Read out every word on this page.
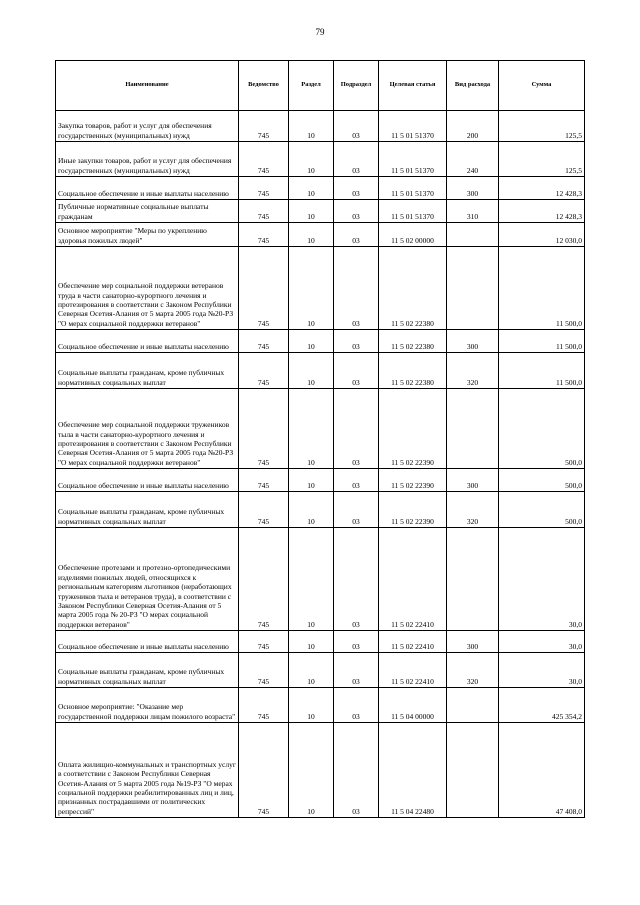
79
Наименование	Ведомство	Раздел	Подраздел	Целевая статья	Вид расхода	Сумма
Закупка товаров, работ и услуг для обеспечения государственных (муниципальных) нужд	745	10	03	11 5 01 51370	200	125,5
Иные закупки товаров, работ и услуг для обеспечения государственных (муниципальных) нужд	745	10	03	11 5 01 51370	240	125,5
Социальное обеспечение и иные выплаты населению	745	10	03	11 5 01 51370	300	12 428,3
Публичные нормативные социальные выплаты гражданам	745	10	03	11 5 01 51370	310	12 428,3
Основное мероприятие "Меры по укреплению здоровья пожилых людей"	745	10	03	11 5 02 00000		12 030,0
Обеспечение мер социальной поддержки ветеранов труда в части санаторно-курортного лечения и протезирования в соответствии с Законом Республики Северная Осетия-Алания от 5 марта 2005 года №20-РЗ "О мерах социальной поддержки ветеранов"	745	10	03	11 5 02 22380		11 500,0
Социальное обеспечение и иные выплаты населению	745	10	03	11 5 02 22380	300	11 500,0
Социальные выплаты гражданам, кроме публичных нормативных социальных выплат	745	10	03	11 5 02 22380	320	11 500,0
Обеспечение мер социальной поддержки тружеников тыла в части санаторно-курортного лечения и протезирования в соответствии с Законом Республики Северная Осетия-Алания от 5 марта 2005 года №20-РЗ "О мерах социальной поддержки ветеранов"	745	10	03	11 5 02 22390		500,0
Социальное обеспечение и иные выплаты населению	745	10	03	11 5 02 22390	300	500,0
Социальные выплаты гражданам, кроме публичных нормативных социальных выплат	745	10	03	11 5 02 22390	320	500,0
Обеспечение протезами и протезно-ортопедическими изделиями пожилых людей, относящихся к региональным категориям льготников (неработающих тружеников тыла и ветеранов труда), в соответствии с Законом Республики Северная Осетия-Алания от 5 марта 2005 года № 20-РЗ "О мерах социальной поддержки ветеранов"	745	10	03	11 5 02 22410		30,0
Социальное обеспечение и иные выплаты населению	745	10	03	11 5 02 22410	300	30,0
Социальные выплаты гражданам, кроме публичных нормативных социальных выплат	745	10	03	11 5 02 22410	320	30,0
Основное мероприятие: "Оказание мер государственной поддержки лицам пожилого возраста"	745	10	03	11 5 04 00000		425 354,2
Оплата жилищно-коммунальных и транспортных услуг в соответствии с Законом Республики Северная Осетия-Алания от 5 марта 2005 года №19-РЗ "О мерах социальной поддержки реабилитированных лиц и лиц, признанных пострадавшими от политических репрессий"	745	10	03	11 5 04 22480		47 408,0
